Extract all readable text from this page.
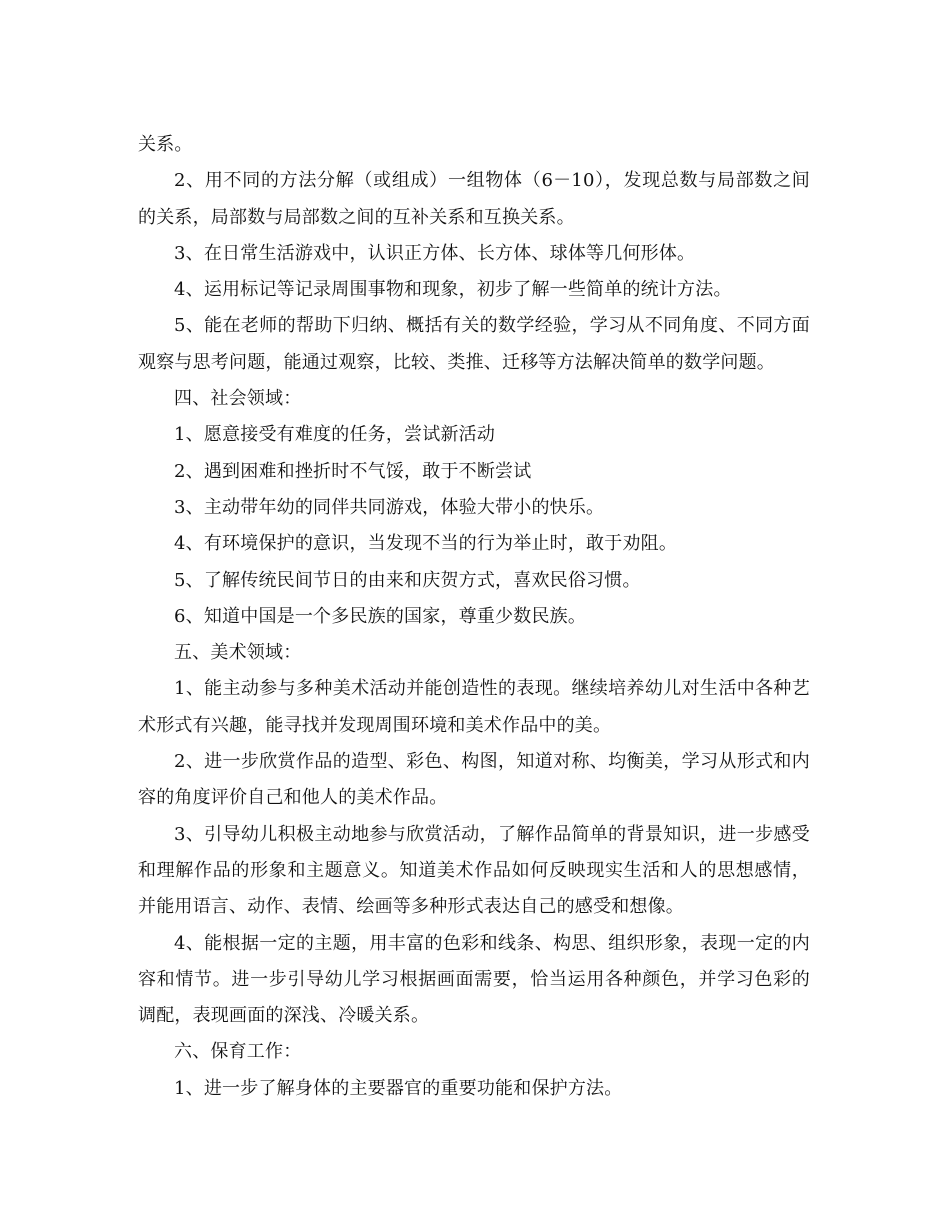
关系。

2、用不同的方法分解（或组成）一组物体（6－10），发现总数与局部数之间的关系，局部数与局部数之间的互补关系和互换关系。

3、在日常生活游戏中，认识正方体、长方体、球体等几何形体。

4、运用标记等记录周围事物和现象，初步了解一些简单的统计方法。

5、能在老师的帮助下归纳、概括有关的数学经验，学习从不同角度、不同方面观察与思考问题，能通过观察，比较、类推、迁移等方法解决简单的数学问题。

四、社会领域：

1、愿意接受有难度的任务，尝试新活动

2、遇到困难和挫折时不气馁，敢于不断尝试

3、主动带年幼的同伴共同游戏，体验大带小的快乐。

4、有环境保护的意识，当发现不当的行为举止时，敢于劝阻。

5、了解传统民间节日的由来和庆贺方式，喜欢民俗习惯。

6、知道中国是一个多民族的国家，尊重少数民族。

五、美术领域：

1、能主动参与多种美术活动并能创造性的表现。继续培养幼儿对生活中各种艺术形式有兴趣，能寻找并发现周围环境和美术作品中的美。

2、进一步欣赏作品的造型、彩色、构图，知道对称、均衡美，学习从形式和内容的角度评价自己和他人的美术作品。

3、引导幼儿积极主动地参与欣赏活动，了解作品简单的背景知识，进一步感受和理解作品的形象和主题意义。知道美术作品如何反映现实生活和人的思想感情，并能用语言、动作、表情、绘画等多种形式表达自己的感受和想像。

4、能根据一定的主题，用丰富的色彩和线条、构思、组织形象，表现一定的内容和情节。进一步引导幼儿学习根据画面需要，恰当运用各种颜色，并学习色彩的调配，表现画面的深浅、冷暖关系。

六、保育工作：

1、进一步了解身体的主要器官的重要功能和保护方法。
